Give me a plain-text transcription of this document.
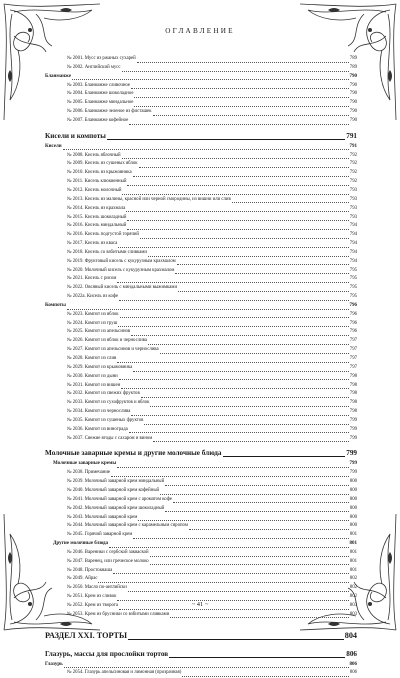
ОГЛАВЛЕНИЕ
№ 2001. Мусс из ржаных сухарей	789
№ 2002. Английский мусс	789
Бланманже	790
№ 2003. Бланманже сливочное	790
№ 2004. Бланманже шоколадное	790
№ 2005. Бланманже миндальное	790
№ 2006. Бланманже зеленое из фисташек	790
№ 2007. Бланманже кофейное	790
Кисели и компоты	791
Кисели	791
№ 2008. Кисель яблочный	792
№ 2009. Кисель из сушеных яблок	792
№ 2010. Кисель из крыжовника	792
№ 2011. Кисель клюквенный	792
№ 2012. Кисель молочный	793
№ 2013. Кисель из малины, красной или черной смородины, из вишни или слив	793
№ 2014. Кисель из крахмала	793
№ 2015. Кисель шоколадный	793
№ 2016. Кисель миндальный	794
№ 2016. Кисель подгустой горячий	794
№ 2017. Кисель из кваса	794
№ 2018. Кисель со взбитыми сливками	794
№ 2019. Фруктовый кисель с кукурузным крахмалом	794
№ 2020. Молочный кисель с кукурузным крахмалом	795
№ 2021. Кисель с рисом	795
№ 2022. Овсяный кисель с миндальными выжимками	795
№ 2022а. Кисель из кофе	795
Компоты	796
№ 2023. Компот из яблок	796
№ 2024. Компот из груш	796
№ 2025. Компот из апельсинов	796
№ 2026. Компот из яблок и чернослива	797
№ 2027. Компот из апельсинов и чернослива	797
№ 2028. Компот из слив	797
№ 2029. Компот из крыжовника	797
№ 2030. Компот из дыни	798
№ 2031. Компот из вишен	798
№ 2032. Компот из свежих фруктов	798
№ 2033. Компот из сухофруктов и яблок	798
№ 2034. Компот из чернослива	798
№ 2035. Компот из сушеных фруктов	799
№ 2036. Компот из винограда	799
№ 2037. Свежие ягоды с сахаром и вином	799
Молочные заварные кремы и другие молочные блюда	799
Молочные заварные кремы	799
№ 2038. Примечание	799
№ 2039. Молочный заварной крем миндальный	800
№ 2040. Молочный заварной крем кофейный	800
№ 2041. Молочный заварной крем с ароматом кофе	800
№ 2042. Молочный заварной крем шоколадный	800
№ 2043. Молочный заварной крем	800
№ 2044. Молочный заварной крем с карамельным сиропом	800
№ 2045. Горячий заварной крем	801
Другие молочные блюда	801
№ 2046. Вареники с сербской закваской	801
№ 2047. Варенец, или греческое молоко	801
№ 2048. Простокваша	801
№ 2049. Айрас	802
№ 2050. Масло по-английски	802
№ 2051. Крем из сливок	802
№ 2052. Крем из творога	803
№ 2053. Крем из брусники со взбитыми сливками	803
РАЗДЕЛ XXI. ТОРТЫ	804
Глазурь, массы для прослойки тортов	806
Глазурь	806
№ 2054. Глазурь апельсиновая и лимонная (прозрачная)	806
~ 41 ~
